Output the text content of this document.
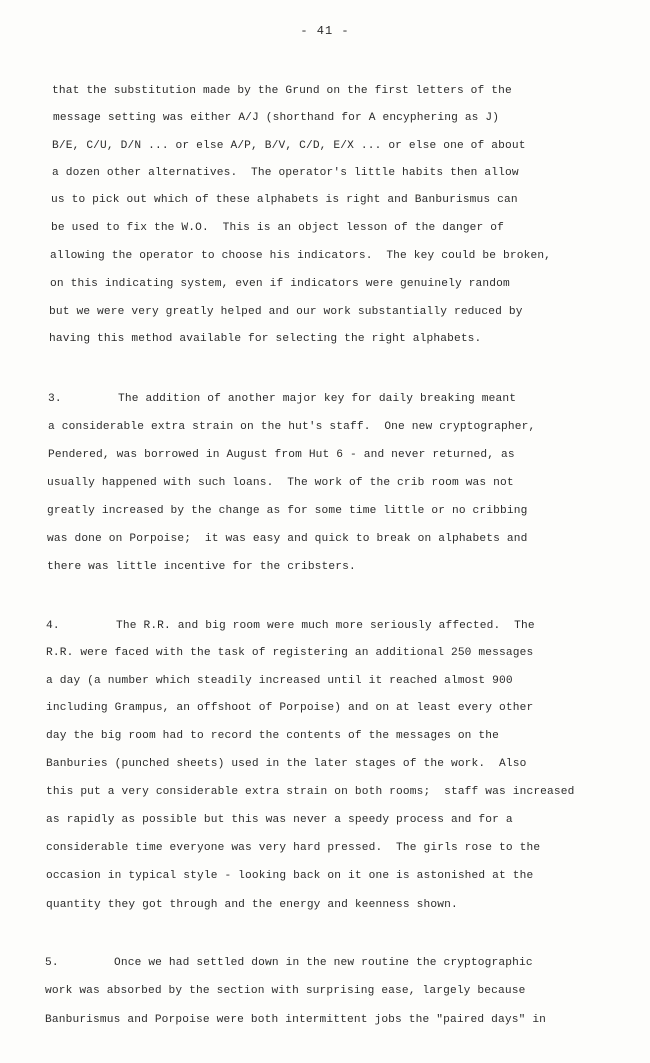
- 41 -
that the substitution made by the Grund on the first letters of the
message setting was either A/J (shorthand for A encyphering as J)
B/E, C/U, D/N ... or else A/P, B/V, C/D, E/X ... or else one of about
a dozen other alternatives.  The operator's little habits then allow
us to pick out which of these alphabets is right and Banburismus can
be used to fix the W.O.  This is an object lesson of the danger of
allowing the operator to choose his indicators.  The key could be broken,
on this indicating system, even if indicators were genuinely random
but we were very greatly helped and our work substantially reduced by
having this method available for selecting the right alphabets.
3.	The addition of another major key for daily breaking meant
a considerable extra strain on the hut's staff.  One new cryptographer,
Pendered, was borrowed in August from Hut 6 - and never returned, as
usually happened with such loans.  The work of the crib room was not
greatly increased by the change as for some time little or no cribbing
was done on Porpoise;  it was easy and quick to break on alphabets and
there was little incentive for the cribsters.
4.	The R.R. and big room were much more seriously affected.  The
R.R. were faced with the task of registering an additional 250 messages
a day (a number which steadily increased until it reached almost 900
including Grampus, an offshoot of Porpoise) and on at least every other
day the big room had to record the contents of the messages on the
Banburies (punched sheets) used in the later stages of the work.  Also
this put a very considerable extra strain on both rooms;  staff was increased
as rapidly as possible but this was never a speedy process and for a
considerable time everyone was very hard pressed.  The girls rose to the
occasion in typical style - looking back on it one is astonished at the
quantity they got through and the energy and keenness shown.
5.	Once we had settled down in the new routine the cryptographic
work was absorbed by the section with surprising ease, largely because
Banburismus and Porpoise were both intermittent jobs the "paired days" in
